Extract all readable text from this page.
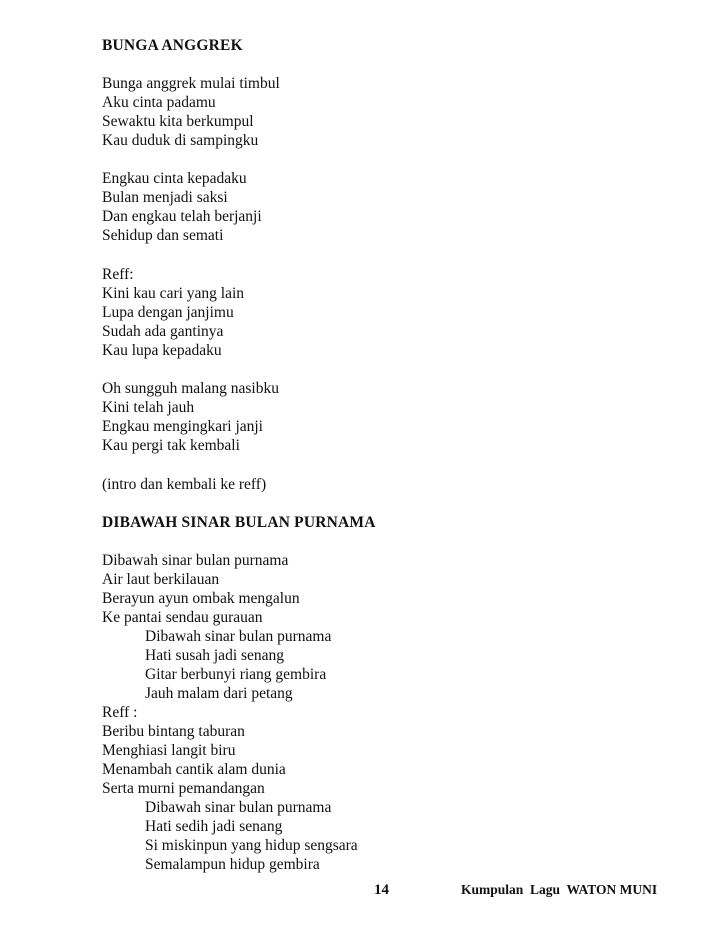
BUNGA ANGGREK
Bunga anggrek mulai timbul
Aku cinta padamu
Sewaktu kita berkumpul
Kau duduk di sampingku
Engkau cinta kepadaku
Bulan menjadi saksi
Dan engkau telah berjanji
Sehidup dan semati
Reff:
Kini kau cari yang lain
Lupa dengan janjimu
Sudah ada gantinya
Kau lupa kepadaku
Oh sungguh malang nasibku
Kini telah jauh
Engkau mengingkari janji
Kau pergi tak kembali
(intro dan kembali ke reff)
DIBAWAH SINAR BULAN PURNAMA
Dibawah sinar bulan purnama
Air laut berkilauan
Berayun ayun ombak mengalun
Ke pantai sendau gurauan
Dibawah sinar bulan purnama
Hati susah jadi senang
Gitar berbunyi riang gembira
Jauh malam dari petang
Reff :
Beribu bintang taburan
Menghiasi langit biru
Menambah cantik alam dunia
Serta murni pemandangan
Dibawah sinar bulan purnama
Hati sedih jadi senang
Si miskinpun yang hidup sengsara
Semalampun hidup gembira
14	Kumpulan  Lagu  WATON MUNI
